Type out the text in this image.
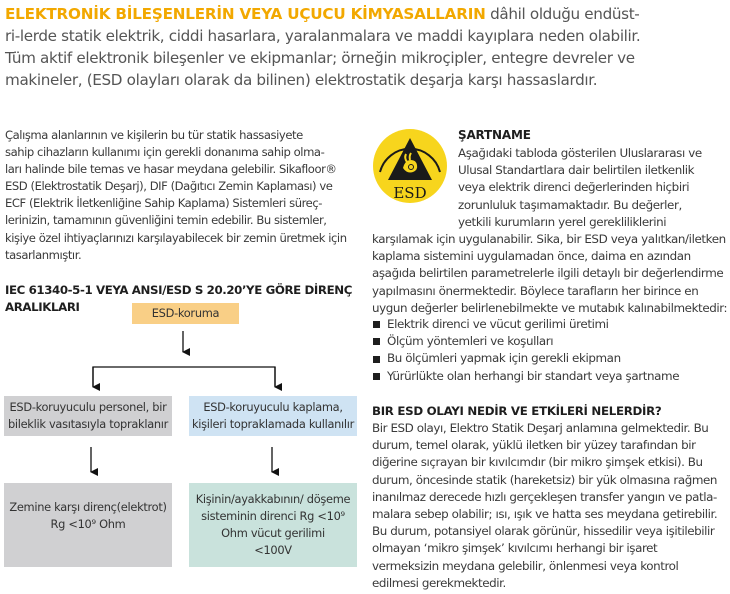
ELEKTRONİK BİLEŞENLERİN VEYA UÇUCU KİMYASALLARIN dâhil olduğu endüst-
ri-lerde statik elektrik, ciddi hasarlara, yaralanmalara ve maddi kayıplara neden olabilir.
Tüm aktif elektronik bileşenler ve ekipmanlar; örneğin mikroçipler, entegre devreler ve
makineler, (ESD olayları olarak da bilinen) elektrostatik deşarja karşı hassaslardır.
Çalışma alanlarının ve kişilerin bu tür statik hassasiyete
sahip cihazların kullanımı için gerekli donanıma sahip olma-
ları halinde bile temas ve hasar meydana gelebilir. Sikafloor®
ESD (Elektrostatik Deşarj), DIF (Dağıtıcı Zemin Kaplaması) ve
ECF (Elektrik İletkenliğine Sahip Kaplama) Sistemleri süreç-
lerinizin, tamamının güvenliğini temin edebilir. Bu sistemler,
kişiye özel ihtiyaçlarınızı karşılayabilecek bir zemin üretmek için
tasarlanmıştır.
IEC 61340-5-1 VEYA ANSI/ESD S 20.20’YE GÖRE DİRENÇ
ARALIKLARI	ESD-koruma
ESD-koruyuculu personel, bir
bileklik vasıtasıyla topraklanır
ESD-koruyuculu kaplama,
kişileri topraklamada kullanılır
Zemine karşı direnç(elektrot)
Rg <10⁹ Ohm
Kişinin/ayakkabının/ döşeme
sisteminin direnci Rg <10⁹
Ohm vücut gerilimi
<100V
ESD
ŞARTNAME
Aşağıdaki tabloda gösterilen Uluslararası ve
Ulusal Standartlara dair belirtilen iletkenlik
veya elektrik direnci değerlerinden hiçbiri
zorunluluk taşımamaktadır. Bu değerler,
yetkili kurumların yerel gerekliliklerini
karşılamak için uygulanabilir. Sika, bir ESD veya yalıtkan/iletken
kaplama sistemini uygulamadan önce, daima en azından
aşağıda belirtilen parametrelerle ilgili detaylı bir değerlendirme
yapılmasını önermektedir. Böylece tarafların her birince en
uygun değerler belirlenebilmekte ve mutabık kalınabilmektedir:
Elektrik direnci ve vücut gerilimi üretimi
Ölçüm yöntemleri ve koşulları
Bu ölçümleri yapmak için gerekli ekipman
Yürürlükte olan herhangi bir standart veya şartname
BIR ESD OLAYI NEDİR VE ETKİLERİ NELERDİR?
Bir ESD olayı, Elektro Statik Deşarj anlamına gelmektedir. Bu
durum, temel olarak, yüklü iletken bir yüzey tarafından bir
diğerine sıçrayan bir kıvılcımdır (bir mikro şimşek etkisi). Bu
durum, öncesinde statik (hareketsiz) bir yük olmasına rağmen
inanılmaz derecede hızlı gerçekleşen transfer yangın ve patla-
malara sebep olabilir; ısı, ışık ve hatta ses meydana getirebilir.
Bu durum, potansiyel olarak görünür, hissedilir veya işitilebilir
olmayan ‘mikro şimşek’ kıvılcımı herhangi bir işaret
vermeksizin meydana gelebilir, önlenmesi veya kontrol
edilmesi gerekmektedir.
